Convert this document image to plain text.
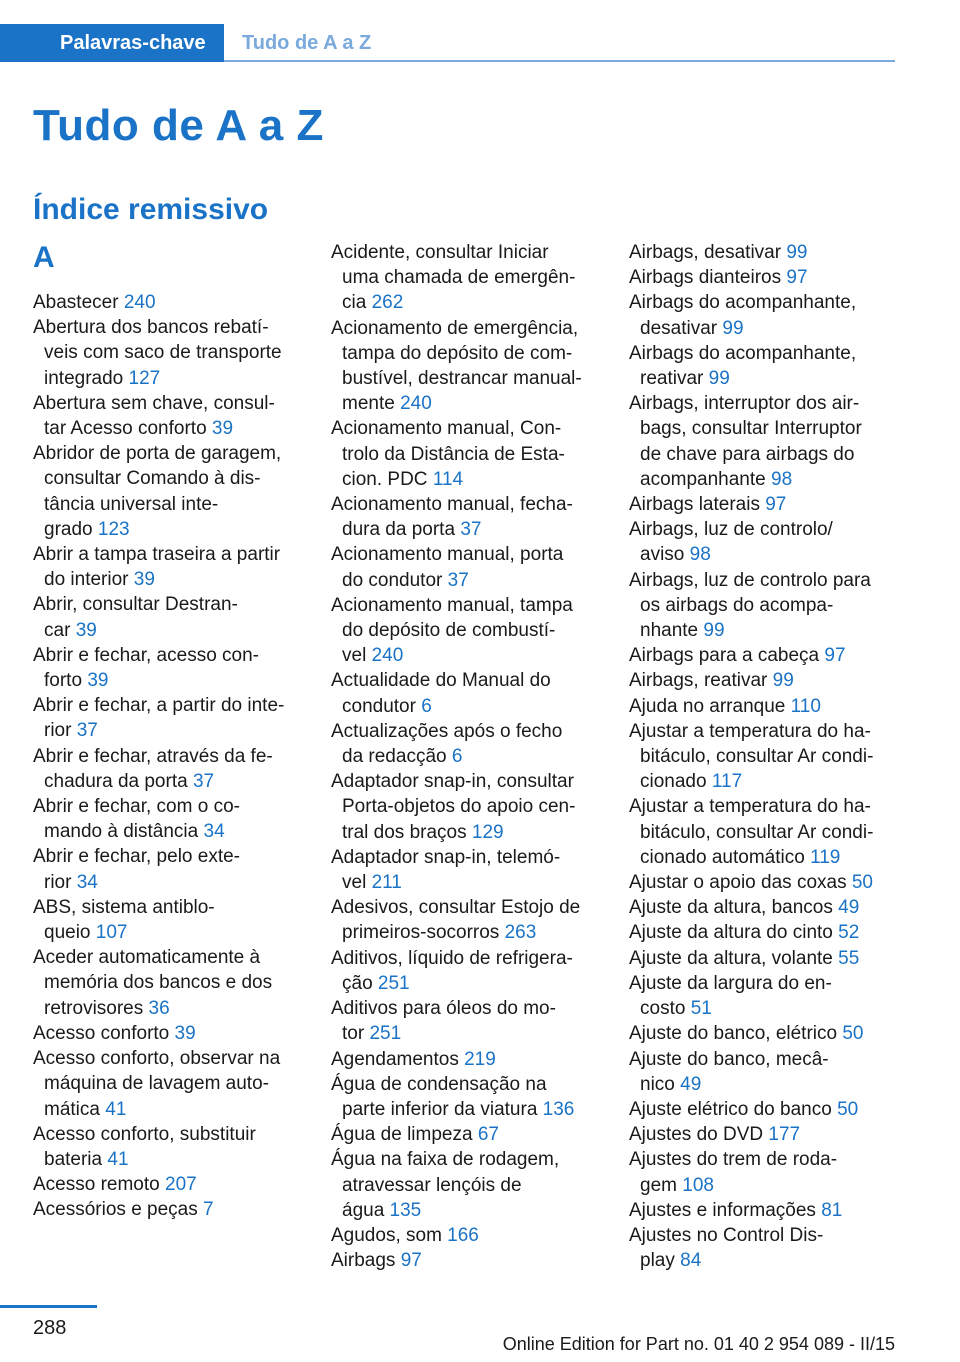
Palavras-chave	Tudo de A a Z
Tudo de A a Z
Índice remissivo
A
Abastecer 240
Abertura dos bancos rebatí-
veis com saco de transporte
integrado 127
Abertura sem chave, consul-
tar Acesso conforto 39
Abridor de porta de garagem,
consultar Comando à dis-
tância universal inte-
grado 123
Abrir a tampa traseira a partir
do interior 39
Abrir, consultar Destran-
car 39
Abrir e fechar, acesso con-
forto 39
Abrir e fechar, a partir do inte-
rior 37
Abrir e fechar, através da fe-
chadura da porta 37
Abrir e fechar, com o co-
mando à distância 34
Abrir e fechar, pelo exte-
rior 34
ABS, sistema antiblo-
queio 107
Aceder automaticamente à
memória dos bancos e dos
retrovisores 36
Acesso conforto 39
Acesso conforto, observar na
máquina de lavagem auto-
mática 41
Acesso conforto, substituir
bateria 41
Acesso remoto 207
Acessórios e peças 7
Acidente, consultar Iniciar
uma chamada de emergên-
cia 262
Acionamento de emergência,
tampa do depósito de com-
bustível, destrancar manual-
mente 240
Acionamento manual, Con-
trolo da Distância de Esta-
cion. PDC 114
Acionamento manual, fecha-
dura da porta 37
Acionamento manual, porta
do condutor 37
Acionamento manual, tampa
do depósito de combustí-
vel 240
Actualidade do Manual do
condutor 6
Actualizações após o fecho
da redacção 6
Adaptador snap-in, consultar
Porta-objetos do apoio cen-
tral dos braços 129
Adaptador snap-in, telemó-
vel 211
Adesivos, consultar Estojo de
primeiros-socorros 263
Aditivos, líquido de refrigera-
ção 251
Aditivos para óleos do mo-
tor 251
Agendamentos 219
Água de condensação na
parte inferior da viatura 136
Água de limpeza 67
Água na faixa de rodagem,
atravessar lençóis de
água 135
Agudos, som 166
Airbags 97
Airbags, desativar 99
Airbags dianteiros 97
Airbags do acompanhante,
desativar 99
Airbags do acompanhante,
reativar 99
Airbags, interruptor dos air-
bags, consultar Interruptor
de chave para airbags do
acompanhante 98
Airbags laterais 97
Airbags, luz de controlo/
aviso 98
Airbags, luz de controlo para
os airbags do acompa-
nhante 99
Airbags para a cabeça 97
Airbags, reativar 99
Ajuda no arranque 110
Ajustar a temperatura do ha-
bitáculo, consultar Ar condi-
cionado 117
Ajustar a temperatura do ha-
bitáculo, consultar Ar condi-
cionado automático 119
Ajustar o apoio das coxas 50
Ajuste da altura, bancos 49
Ajuste da altura do cinto 52
Ajuste da altura, volante 55
Ajuste da largura do en-
costo 51
Ajuste do banco, elétrico 50
Ajuste do banco, mecâ-
nico 49
Ajuste elétrico do banco 50
Ajustes do DVD 177
Ajustes do trem de roda-
gem 108
Ajustes e informações 81
Ajustes no Control Dis-
play 84
288
Online Edition for Part no. 01 40 2 954 089 - II/15
